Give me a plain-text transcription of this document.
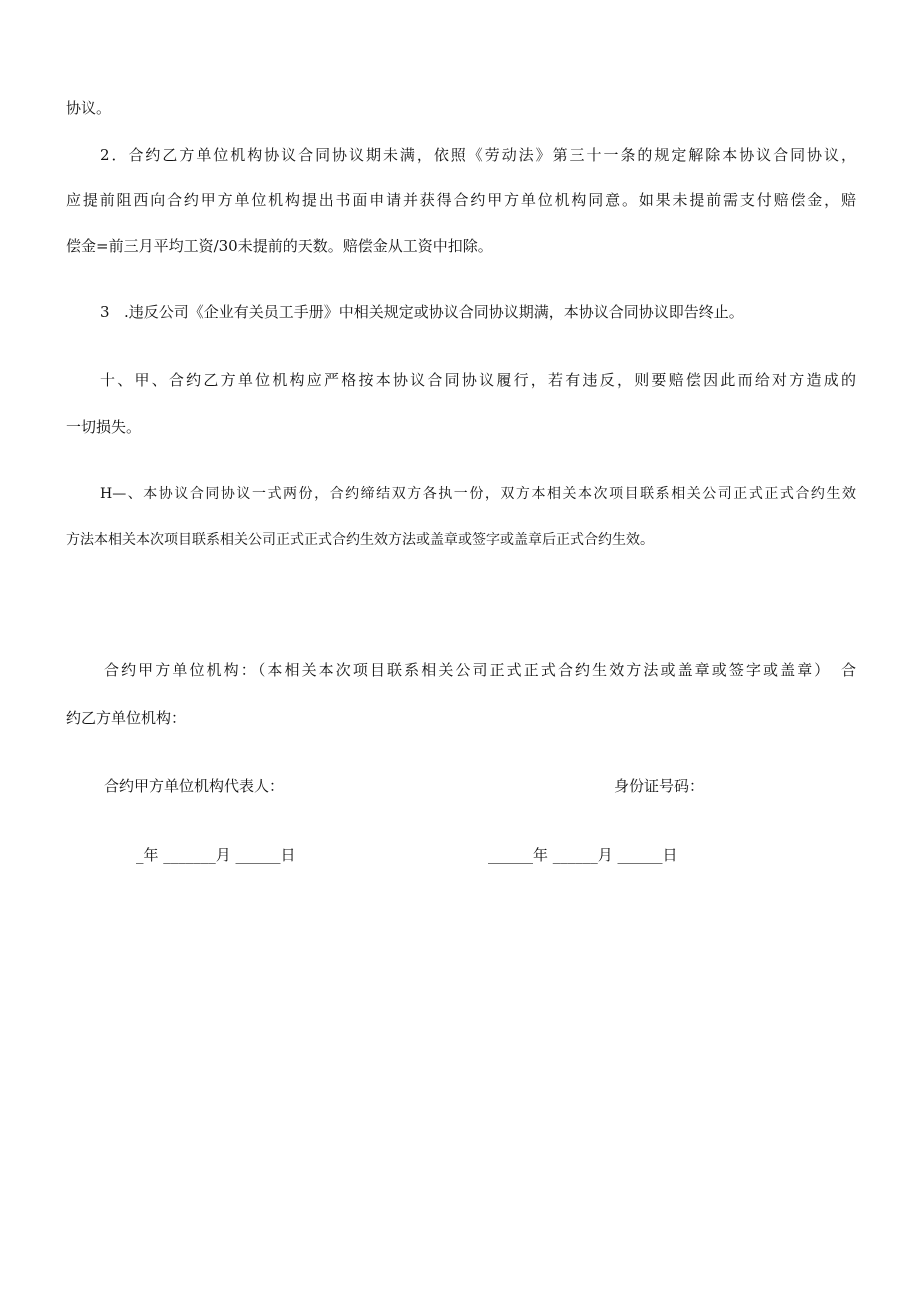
协议。
2．合约乙方单位机构协议合同协议期未满，依照《劳动法》第三十一条的规定解除本协议合同协议，
应提前阻西向合约甲方单位机构提出书面申请并获得合约甲方单位机构同意。如果未提前需支付赔偿金，赔
偿金=前三月平均工资/30未提前的天数。赔偿金从工资中扣除。
3 .违反公司《企业有关员工手册》中相关规定或协议合同协议期满，本协议合同协议即告终止。
十、甲、合约乙方单位机构应严格按本协议合同协议履行，若有违反，则要赔偿因此而给对方造成的
一切损失。
H—、本协议合同协议一式两份，合约缔结双方各执一份，双方本相关本次项目联系相关公司正式正式合约生效
方法本相关本次项目联系相关公司正式正式合约生效方法或盖章或签字或盖章后正式合约生效。
合约甲方单位机构：（本相关本次项目联系相关公司正式正式合约生效方法或盖章或签字或盖章）　合
约乙方单位机构：
合约甲方单位机构代表人：	身份证号码：
_年 _______月 ______日	______年 ______月 ______日
